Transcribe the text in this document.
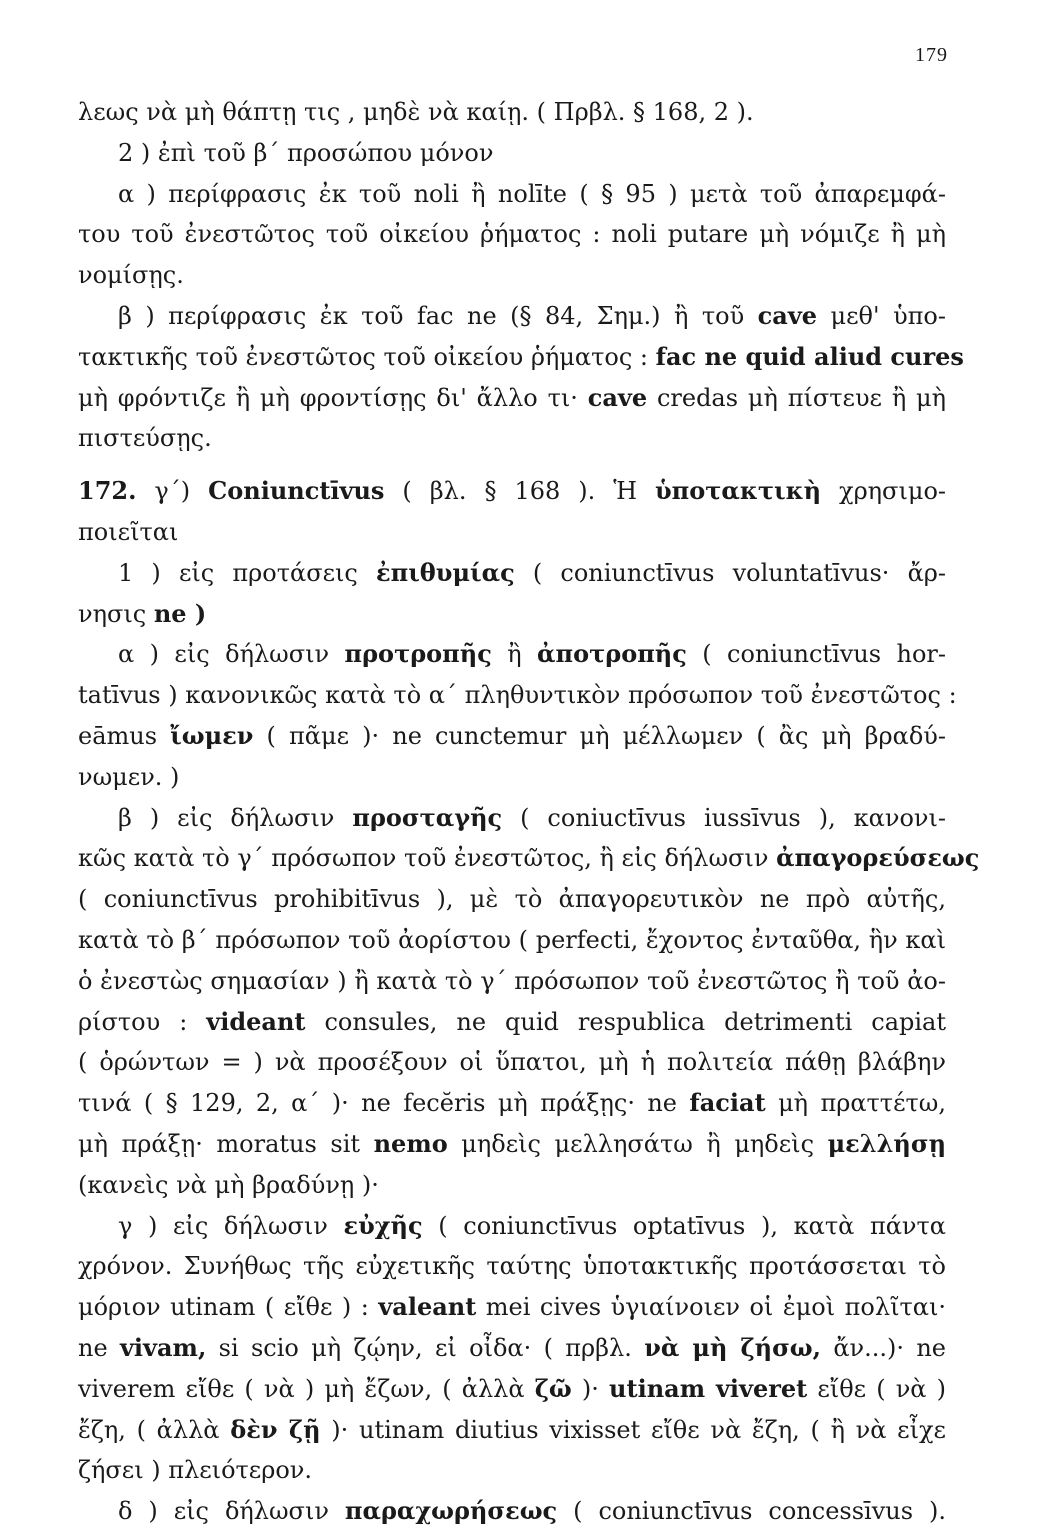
179
λεως νὰ μὴ θάπτῃ τις , μηδὲ νὰ καίῃ. ( Πρβλ. § 168, 2 ).
2 ) ἐπὶ τοῦ β΄ προσώπου μόνον
α ) περίφρασις ἐκ τοῦ noli ἢ nolīte ( § 95 ) μετὰ τοῦ ἀπαρεμφά-
του τοῦ ἐνεστῶτος τοῦ οἰκείου ῥήματος : noli putare μὴ νόμιζε ἢ μὴ
νομίσῃς.
β ) περίφρασις ἐκ τοῦ fac ne (§ 84, Σημ.) ἢ τοῦ cave μεθ' ὑπο-
τακτικῆς τοῦ ἐνεστῶτος τοῦ οἰκείου ῥήματος : fac ne quid aliud cures
μὴ φρόντιζε ἢ μὴ φροντίσῃς δι' ἄλλο τι· cave credas μὴ πίστευε ἢ μὴ
πιστεύσῃς.
172. γ΄) Coniunctīvus ( βλ. § 168 ). Ἡ ὑποτακτικὴ χρησιμο-
ποιεῖται
1 ) εἰς προτάσεις ἐπιθυμίας ( coniunctīvus voluntatīvus· ἄρ-
νησις ne )
α ) εἰς δήλωσιν προτροπῆς ἢ ἀποτροπῆς ( coniunctīvus hor-
tatīvus ) κανονικῶς κατὰ τὸ α΄ πληθυντικὸν πρόσωπον τοῦ ἐνεστῶτος :
eāmus ἴωμεν ( πᾶμε )· ne cunctemur μὴ μέλλωμεν ( ἂς μὴ βραδύ-
νωμεν. )
β ) εἰς δήλωσιν προσταγῆς ( coniuctīvus iussīvus ), κανονι-
κῶς κατὰ τὸ γ΄ πρόσωπον τοῦ ἐνεστῶτος, ἢ εἰς δήλωσιν ἀπαγορεύσεως
( coniunctīvus prohibitīvus ), μὲ τὸ ἀπαγορευτικὸν ne πρὸ αὐτῆς,
κατὰ τὸ β΄ πρόσωπον τοῦ ἀορίστου ( perfecti, ἔχοντος ἐνταῦθα, ἣν καὶ
ὁ ἐνεστὼς σημασίαν ) ἢ κατὰ τὸ γ΄ πρόσωπον τοῦ ἐνεστῶτος ἢ τοῦ ἀο-
ρίστου : videant consules, ne quid respublica detrimenti capiat
( ὁρώντων = ) νὰ προσέξουν οἱ ὕπατοι, μὴ ἡ πολιτεία πάθῃ βλάβην
τινά ( § 129, 2, α΄ )· ne fecĕris μὴ πράξῃς· ne faciat μὴ πραττέτω,
μὴ πράξῃ· moratus sit nemo μηδεὶς μελλησάτω ἢ μηδεὶς μελλήσῃ
(κανεὶς νὰ μὴ βραδύνῃ )·
γ ) εἰς δήλωσιν εὐχῆς ( coniunctīvus optatīvus ), κατὰ πάντα
χρόνον. Συνήθως τῆς εὐχετικῆς ταύτης ὑποτακτικῆς προτάσσεται τὸ
μόριον utinam ( εἴθε ) : valeant mei cives ὑγιαίνοιεν οἱ ἐμοὶ πολῖται·
ne vivam, si scio μὴ ζῴην, εἰ οἶδα· ( πρβλ. νὰ μὴ ζήσω, ἄν...)· ne
viverem εἴθε ( νὰ ) μὴ ἔζων, ( ἀλλὰ ζῶ )· utinam viveret εἴθε ( νὰ )
ἔζη, ( ἀλλὰ δὲν ζῇ )· utinam diutius vixisset εἴθε νὰ ἔζη, ( ἢ νὰ εἶχε
ζήσει ) πλειότερον.
δ ) εἰς δήλωσιν παραχωρήσεως ( coniunctīvus concessīvus ).
